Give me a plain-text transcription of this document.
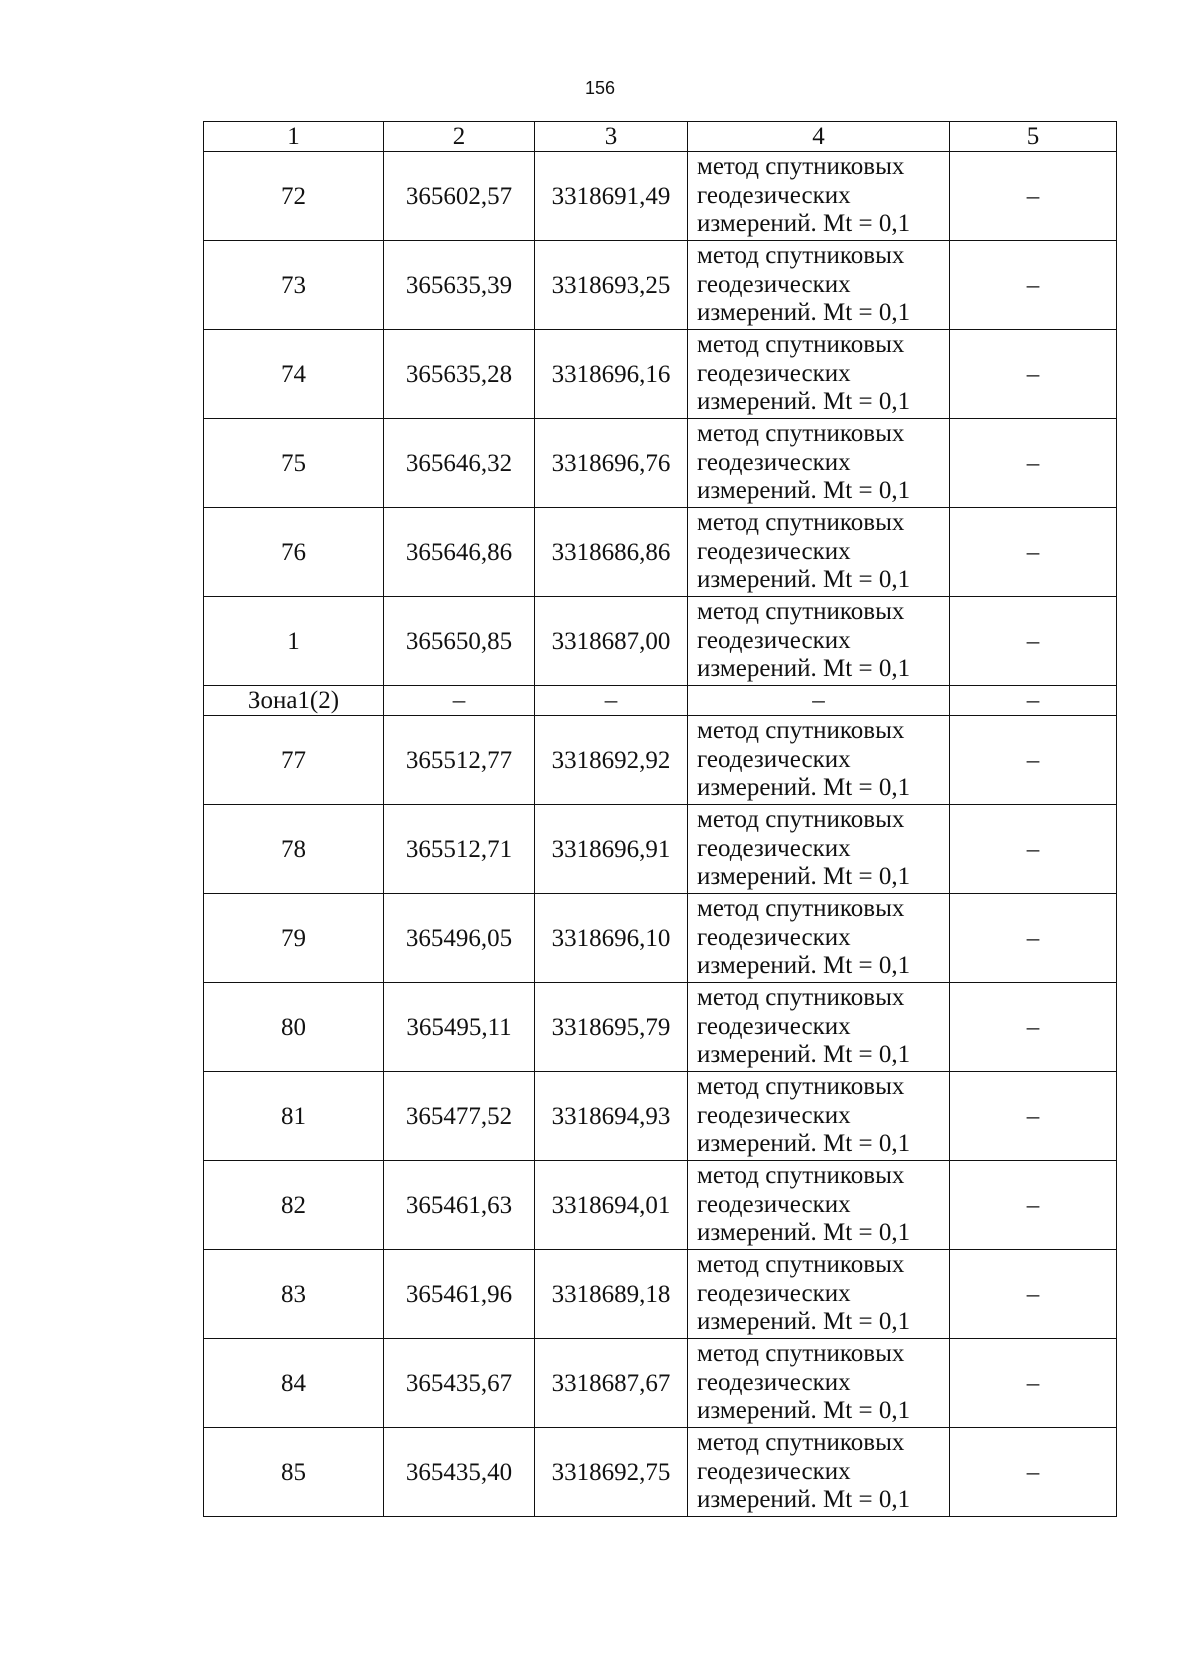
156
1	2	3	4	5
72	365602,57	3318691,49	метод спутниковых
геодезических
измерений. Mt = 0,1	–
73	365635,39	3318693,25	метод спутниковых
геодезических
измерений. Mt = 0,1	–
74	365635,28	3318696,16	метод спутниковых
геодезических
измерений. Mt = 0,1	–
75	365646,32	3318696,76	метод спутниковых
геодезических
измерений. Mt = 0,1	–
76	365646,86	3318686,86	метод спутниковых
геодезических
измерений. Mt = 0,1	–
1	365650,85	3318687,00	метод спутниковых
геодезических
измерений. Mt = 0,1	–
Зона1(2)	–	–	–	–
77	365512,77	3318692,92	метод спутниковых
геодезических
измерений. Mt = 0,1	–
78	365512,71	3318696,91	метод спутниковых
геодезических
измерений. Mt = 0,1	–
79	365496,05	3318696,10	метод спутниковых
геодезических
измерений. Mt = 0,1	–
80	365495,11	3318695,79	метод спутниковых
геодезических
измерений. Mt = 0,1	–
81	365477,52	3318694,93	метод спутниковых
геодезических
измерений. Mt = 0,1	–
82	365461,63	3318694,01	метод спутниковых
геодезических
измерений. Mt = 0,1	–
83	365461,96	3318689,18	метод спутниковых
геодезических
измерений. Mt = 0,1	–
84	365435,67	3318687,67	метод спутниковых
геодезических
измерений. Mt = 0,1	–
85	365435,40	3318692,75	метод спутниковых
геодезических
измерений. Mt = 0,1	–
